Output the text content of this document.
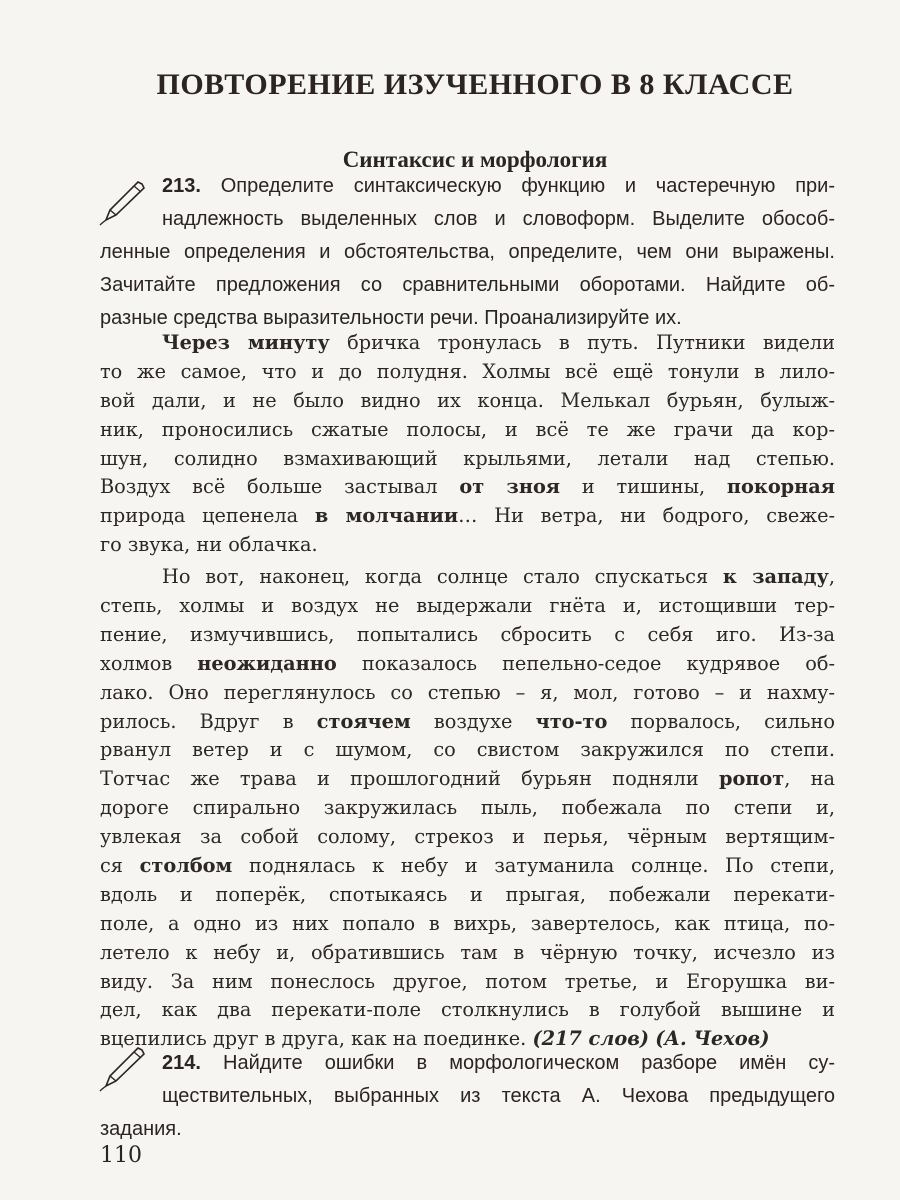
ПОВТОРЕНИЕ ИЗУЧЕННОГО В 8 КЛАССЕ
Синтаксис и морфология
213. Определите синтаксическую функцию и частеречную при-
надлежность выделенных слов и словоформ. Выделите обособ-
ленные определения и обстоятельства, определите, чем они выражены.
Зачитайте предложения со сравнительными оборотами. Найдите об-
разные средства выразительности речи. Проанализируйте их.
Через минуту бричка тронулась в путь. Путники видели
то же самое, что и до полудня. Холмы всё ещё тонули в лило-
вой дали, и не было видно их конца. Мелькал бурьян, булыж-
ник, проносились сжатые полосы, и всё те же грачи да кор-
шун, солидно взмахивающий крыльями, летали над степью.
Воздух всё больше застывал от зноя и тишины, покорная
природа цепенела в молчании… Ни ветра, ни бодрого, свеже-
го звука, ни облачка.
Но вот, наконец, когда солнце стало спускаться к западу,
степь, холмы и воздух не выдержали гнёта и, истощивши тер-
пение, измучившись, попытались сбросить с себя иго. Из-за
холмов неожиданно показалось пепельно-седое кудрявое об-
лако. Оно переглянулось со степью – я, мол, готово – и нахму-
рилось. Вдруг в стоячем воздухе что-то порвалось, сильно
рванул ветер и с шумом, со свистом закружился по степи.
Тотчас же трава и прошлогодний бурьян подняли ропот, на
дороге спирально закружилась пыль, побежала по степи и,
увлекая за собой солому, стрекоз и перья, чёрным вертящим-
ся столбом поднялась к небу и затуманила солнце. По степи,
вдоль и поперёк, спотыкаясь и прыгая, побежали перекати-
поле, а одно из них попало в вихрь, завертелось, как птица, по-
летело к небу и, обратившись там в чёрную точку, исчезло из
виду. За ним понеслось другое, потом третье, и Егорушка ви-
дел, как два перекати-поле столкнулись в голубой вышине и
вцепились друг в друга, как на поединке. (217 слов) (А. Чехов)
214. Найдите ошибки в морфологическом разборе имён су-
ществительных, выбранных из текста А. Чехова предыдущего
задания.
110
